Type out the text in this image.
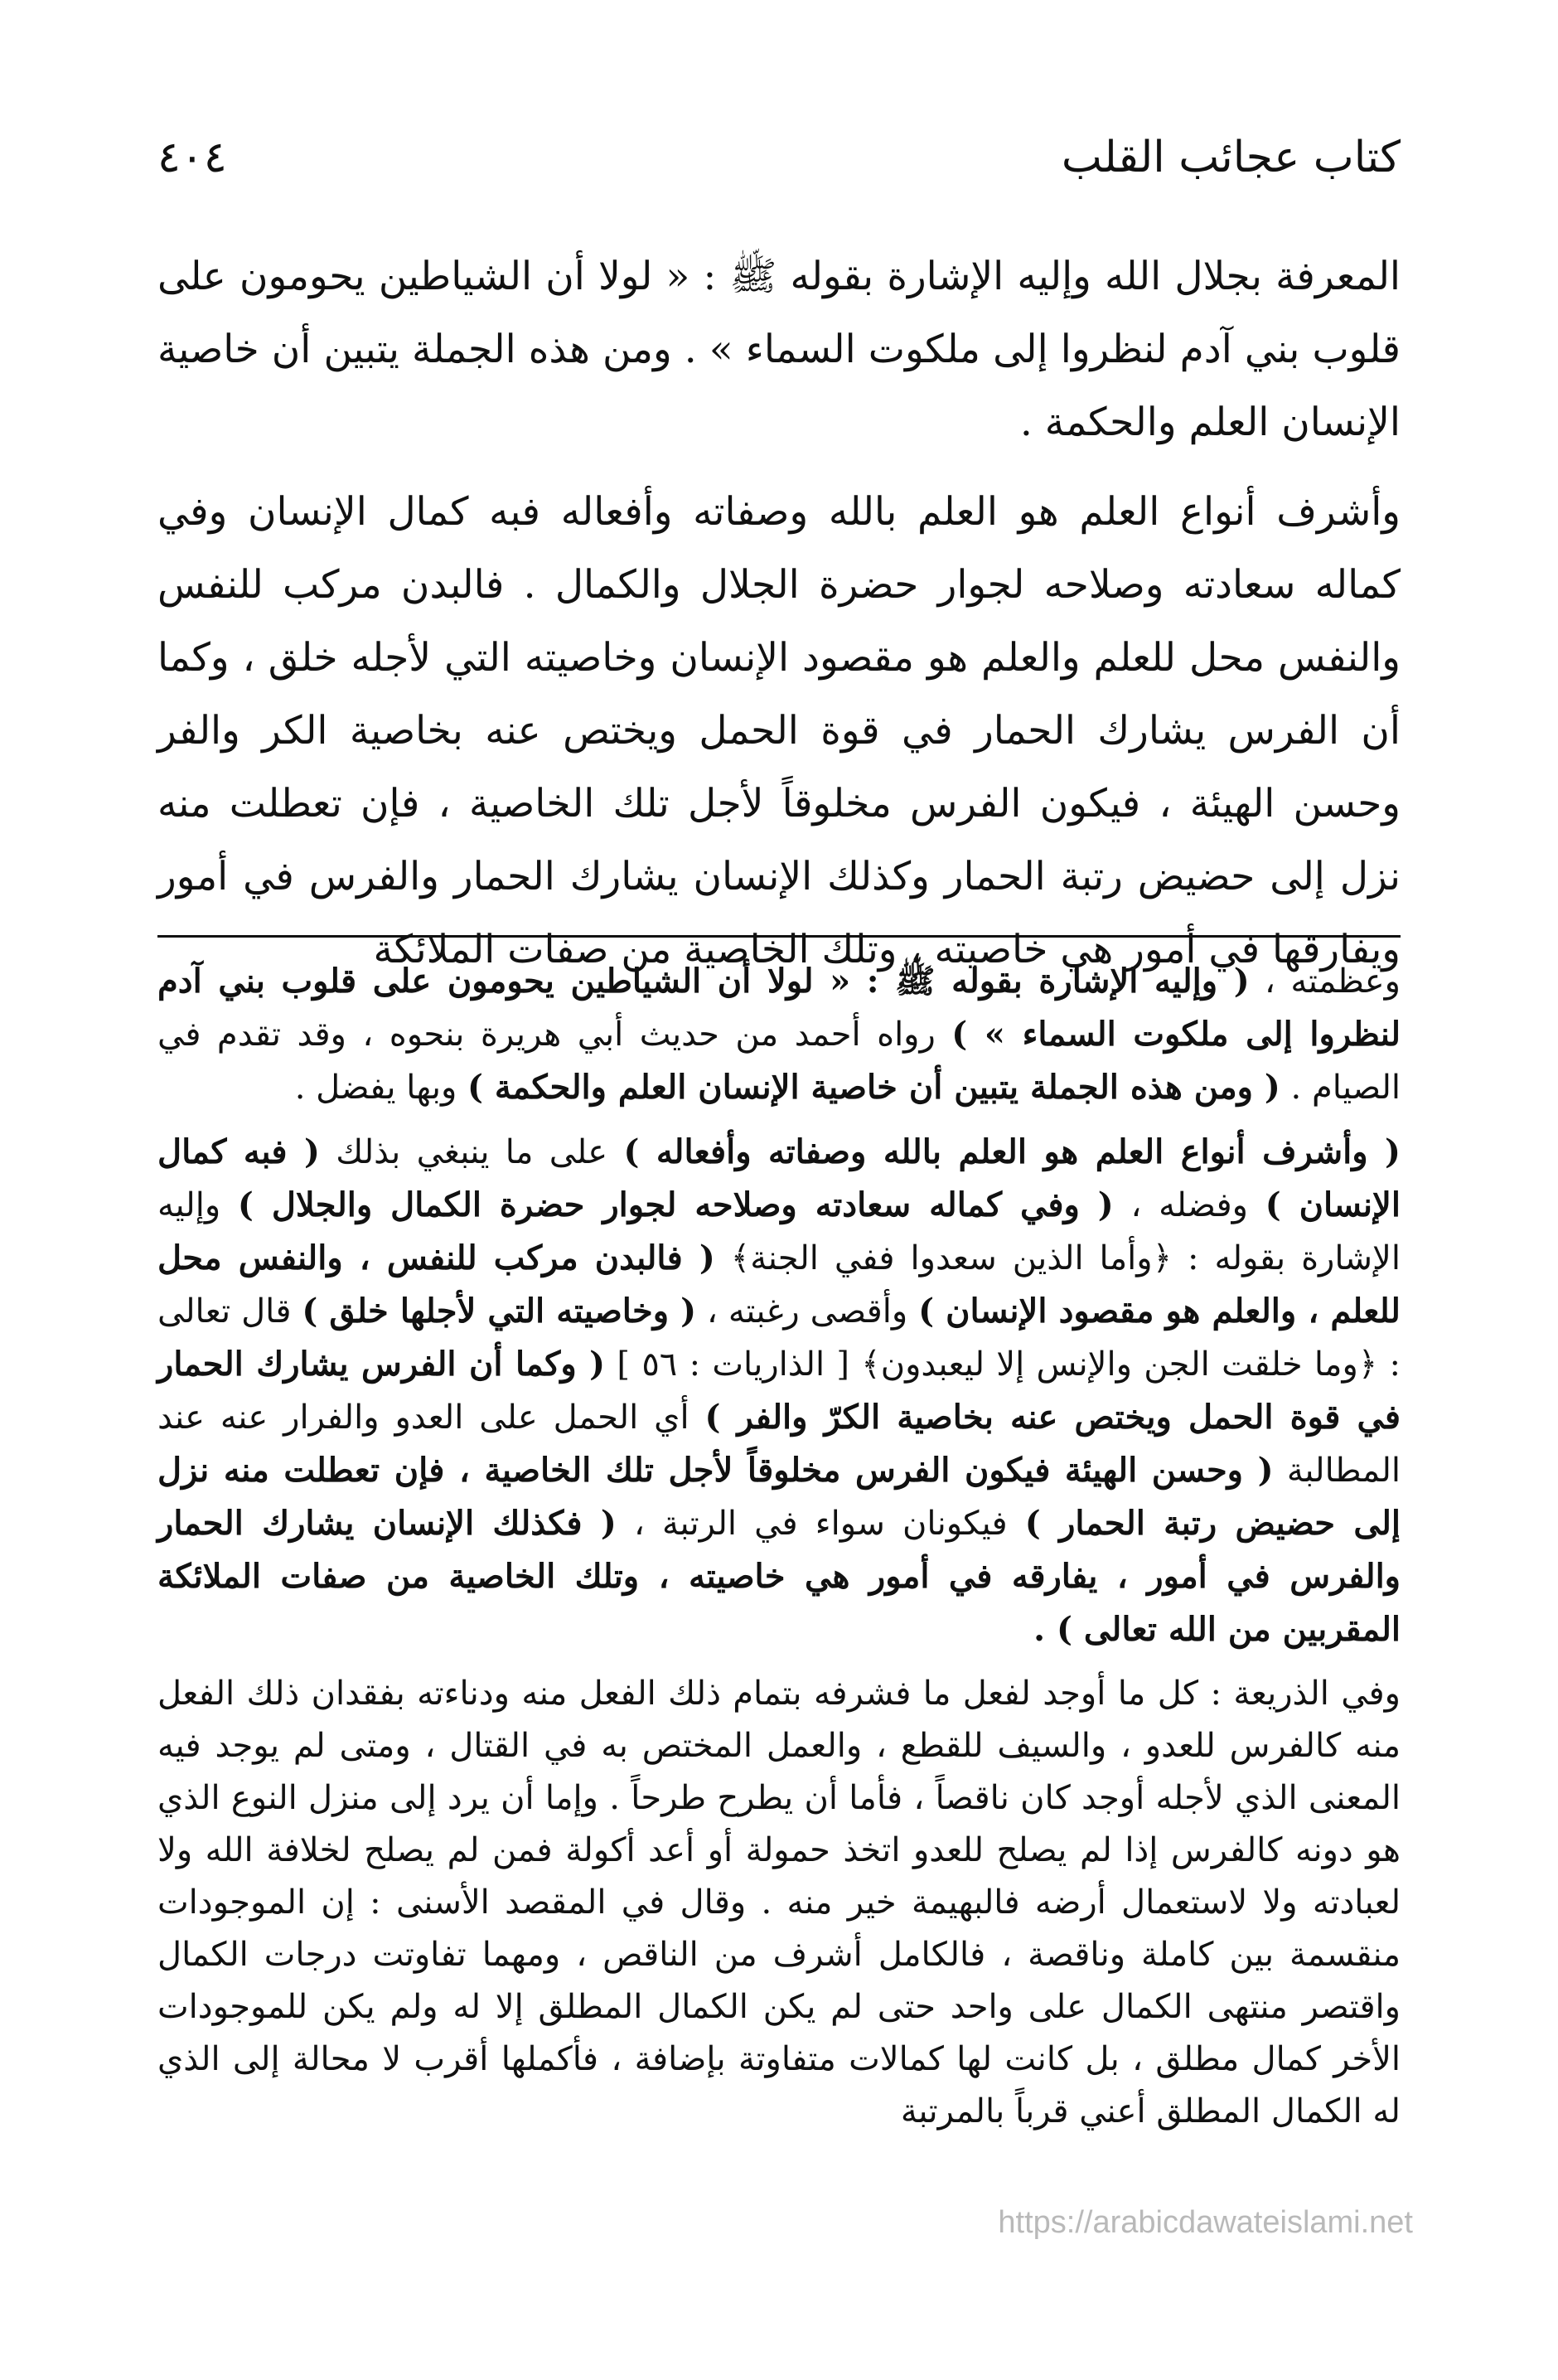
٤٠٤	كتاب عجائب القلب

المعرفة بجلال الله وإليه الإشارة بقوله ﷺ : « لولا أن الشياطين يحومون على قلوب بني آدم لنظروا إلى ملكوت السماء » . ومن هذه الجملة يتبين أن خاصية الإنسان العلم والحكمة .

وأشرف أنواع العلم هو العلم بالله وصفاته وأفعاله فبه كمال الإنسان وفي كماله سعادته وصلاحه لجوار حضرة الجلال والكمال . فالبدن مركب للنفس والنفس محل للعلم والعلم هو مقصود الإنسان وخاصيته التي لأجله خلق ، وكما أن الفرس يشارك الحمار في قوة الحمل ويختص عنه بخاصية الكر والفر وحسن الهيئة ، فيكون الفرس مخلوقاً لأجل تلك الخاصية ، فإن تعطلت منه نزل إلى حضيض رتبة الحمار وكذلك الإنسان يشارك الحمار والفرس في أمور ويفارقها في أمور هي خاصيته ، وتلك الخاصية من صفات الملائكة

وعظمته ، ( وإليه الإشارة بقوله ﷺ : « لولا أن الشياطين يحومون على قلوب بني آدم لنظروا إلى ملكوت السماء » ) رواه أحمد من حديث أبي هريرة بنحوه ، وقد تقدم في الصيام . ( ومن هذه الجملة يتبين أن خاصية الإنسان العلم والحكمة ) وبها يفضل .

( وأشرف أنواع العلم هو العلم بالله وصفاته وأفعاله ) على ما ينبغي بذلك ( فبه كمال الإنسان ) وفضله ، ( وفي كماله سعادته وصلاحه لجوار حضرة الكمال والجلال ) وإليه الإشارة بقوله : ﴿وأما الذين سعدوا ففي الجنة﴾ ( فالبدن مركب للنفس ، والنفس محل للعلم ، والعلم هو مقصود الإنسان ) وأقصى رغبته ، ( وخاصيته التي لأجلها خلق ) قال تعالى : ﴿وما خلقت الجن والإنس إلا ليعبدون﴾ [ الذاريات : ٥٦ ] ( وكما أن الفرس يشارك الحمار في قوة الحمل ويختص عنه بخاصية الكرّ والفر ) أي الحمل على العدو والفرار عنه عند المطالبة ( وحسن الهيئة فيكون الفرس مخلوقاً لأجل تلك الخاصية ، فإن تعطلت منه نزل إلى حضيض رتبة الحمار ) فيكونان سواء في الرتبة ، ( فكذلك الإنسان يشارك الحمار والفرس في أمور ، يفارقه في أمور هي خاصيته ، وتلك الخاصية من صفات الملائكة المقربين من الله تعالى ) .

وفي الذريعة : كل ما أوجد لفعل ما فشرفه بتمام ذلك الفعل منه ودناءته بفقدان ذلك الفعل منه كالفرس للعدو ، والسيف للقطع ، والعمل المختص به في القتال ، ومتى لم يوجد فيه المعنى الذي لأجله أوجد كان ناقصاً ، فأما أن يطرح طرحاً . وإما أن يرد إلى منزل النوع الذي هو دونه كالفرس إذا لم يصلح للعدو اتخذ حمولة أو أعد أكولة فمن لم يصلح لخلافة الله ولا لعبادته ولا لاستعمال أرضه فالبهيمة خير منه . وقال في المقصد الأسنى : إن الموجودات منقسمة بين كاملة وناقصة ، فالكامل أشرف من الناقص ، ومهما تفاوتت درجات الكمال واقتصر منتهى الكمال على واحد حتى لم يكن الكمال المطلق إلا له ولم يكن للموجودات الأخر كمال مطلق ، بل كانت لها كمالات متفاوتة بإضافة ، فأكملها أقرب لا محالة إلى الذي له الكمال المطلق أعني قرباً بالمرتبة

https://arabicdawateislami.net
